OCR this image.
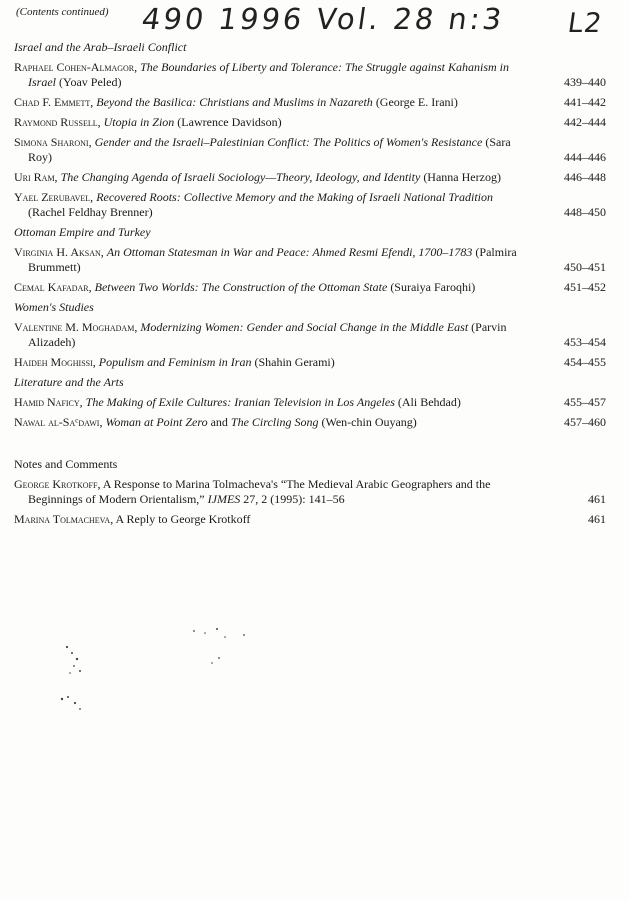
(Contents continued) 490 1996 Vol. 28 n:3 L2
Israel and the Arab–Israeli Conflict
Raphael Cohen-Almagor, The Boundaries of Liberty and Tolerance: The Struggle against Kahanism in Israel (Yoav Peled)	439–440
Chad F. Emmett, Beyond the Basilica: Christians and Muslims in Nazareth (George E. Irani)	441–442
Raymond Russell, Utopia in Zion (Lawrence Davidson)	442–444
Simona Sharoni, Gender and the Israeli–Palestinian Conflict: The Politics of Women's Resistance (Sara Roy)	444–446
Uri Ram, The Changing Agenda of Israeli Sociology—Theory, Ideology, and Identity (Hanna Herzog)	446–448
Yael Zerubavel, Recovered Roots: Collective Memory and the Making of Israeli National Tradition (Rachel Feldhay Brenner)	448–450
Ottoman Empire and Turkey
Virginia H. Aksan, An Ottoman Statesman in War and Peace: Ahmed Resmi Efendi, 1700–1783 (Palmira Brummett)	450–451
Cemal Kafadar, Between Two Worlds: The Construction of the Ottoman State (Suraiya Faroqhi)	451–452
Women's Studies
Valentine M. Moghadam, Modernizing Women: Gender and Social Change in the Middle East (Parvin Alizadeh)	453–454
Haideh Moghissi, Populism and Feminism in Iran (Shahin Gerami)	454–455
Literature and the Arts
Hamid Naficy, The Making of Exile Cultures: Iranian Television in Los Angeles (Ali Behdad)	455–457
Nawal al-Saᶜdawi, Woman at Point Zero and The Circling Song (Wen-chin Ouyang)	457–460
Notes and Comments
George Krotkoff, A Response to Marina Tolmacheva's “The Medieval Arabic Geographers and the Beginnings of Modern Orientalism,” IJMES 27, 2 (1995): 141–56	461
Marina Tolmacheva, A Reply to George Krotkoff	461
